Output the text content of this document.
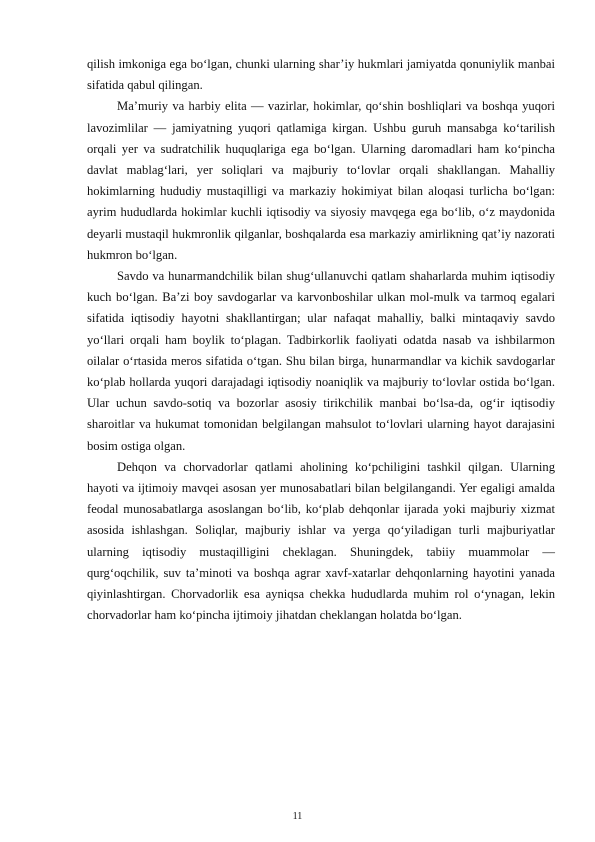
qilish imkoniga ega bo‘lgan, chunki ularning shar’iy hukmlari jamiyatda qonuniylik manbai sifatida qabul qilingan.

Ma’muriy va harbiy elita — vazirlar, hokimlar, qo‘shin boshliqlari va boshqa yuqori lavozimlilar — jamiyatning yuqori qatlamiga kirgan. Ushbu guruh mansabga ko‘tarilish orqali yer va sudratchilik huquqlariga ega bo‘lgan. Ularning daromadlari ham ko‘pincha davlat mablag‘lari, yer soliqlari va majburiy to‘lovlar orqali shakllangan. Mahalliy hokimlarning hududiy mustaqilligi va markaziy hokimiyat bilan aloqasi turlicha bo‘lgan: ayrim hududlarda hokimlar kuchli iqtisodiy va siyosiy mavqega ega bo‘lib, o‘z maydonida deyarli mustaqil hukmronlik qilganlar, boshqalarda esa markaziy amirlikning qat’iy nazorati hukmron bo‘lgan.

Savdo va hunarmandchilik bilan shug‘ullanuvchi qatlam shaharlarda muhim iqtisodiy kuch bo‘lgan. Ba’zi boy savdogarlar va karvonboshilar ulkan mol-mulk va tarmoq egalari sifatida iqtisodiy hayotni shakllantirgan; ular nafaqat mahalliy, balki mintaqaviy savdo yo‘llari orqali ham boylik to‘plagan. Tadbirkorlik faoliyati odatda nasab va ishbilarmon oilalar o‘rtasida meros sifatida o‘tgan. Shu bilan birga, hunarmandlar va kichik savdogarlar ko‘plab hollarda yuqori darajadagi iqtisodiy noaniqlik va majburiy to‘lovlar ostida bo‘lgan. Ular uchun savdo-sotiq va bozorlar asosiy tirikchilik manbai bo‘lsa-da, og‘ir iqtisodiy sharoitlar va hukumat tomonidan belgilangan mahsulot to‘lovlari ularning hayot darajasini bosim ostiga olgan.

Dehqon va chorvadorlar qatlami aholining ko‘pchiligini tashkil qilgan. Ularning hayoti va ijtimoiy mavqei asosan yer munosabatlari bilan belgilangandi. Yer egaligi amalda feodal munosabatlarga asoslangan bo‘lib, ko‘plab dehqonlar ijarada yoki majburiy xizmat asosida ishlashgan. Soliqlar, majburiy ishlar va yerga qo‘yiladigan turli majburiyatlar ularning iqtisodiy mustaqilligini cheklagan. Shuningdek, tabiiy muammolar — qurg‘oqchilik, suv ta’minoti va boshqa agrar xavf-xatarlar dehqonlarning hayotini yanada qiyinlashtirgan. Chorvadorlik esa ayniqsa chekka hududlarda muhim rol o‘ynagan, lekin chorvadorlar ham ko‘pincha ijtimoiy jihatdan cheklangan holatda bo‘lgan.

11
